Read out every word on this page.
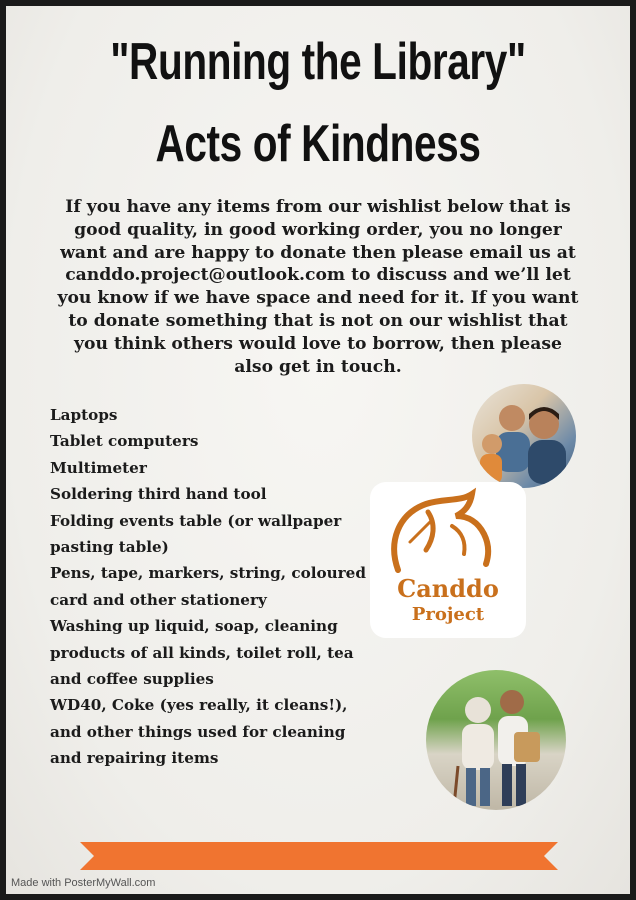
"Running the Library"
Acts of Kindness
If you have any items from our wishlist below that is good quality, in good working order, you no longer want and are happy to donate then please email us at canddo.project@outlook.com to discuss and we’ll let you know if we have space and need for it. If you want to donate something that is not on our wishlist that you think others would love to borrow, then please also get in touch.
Laptops
Tablet computers
Multimeter
Soldering third hand tool
Folding events table (or wallpaper pasting table)
Pens, tape, markers, string, coloured card and other stationery
Washing up liquid, soap, cleaning products of all kinds, toilet roll, tea and coffee supplies
WD40, Coke (yes really, it cleans!), and other things used for cleaning and repairing items
Canddo
Project
Made with PosterMyWall.com
